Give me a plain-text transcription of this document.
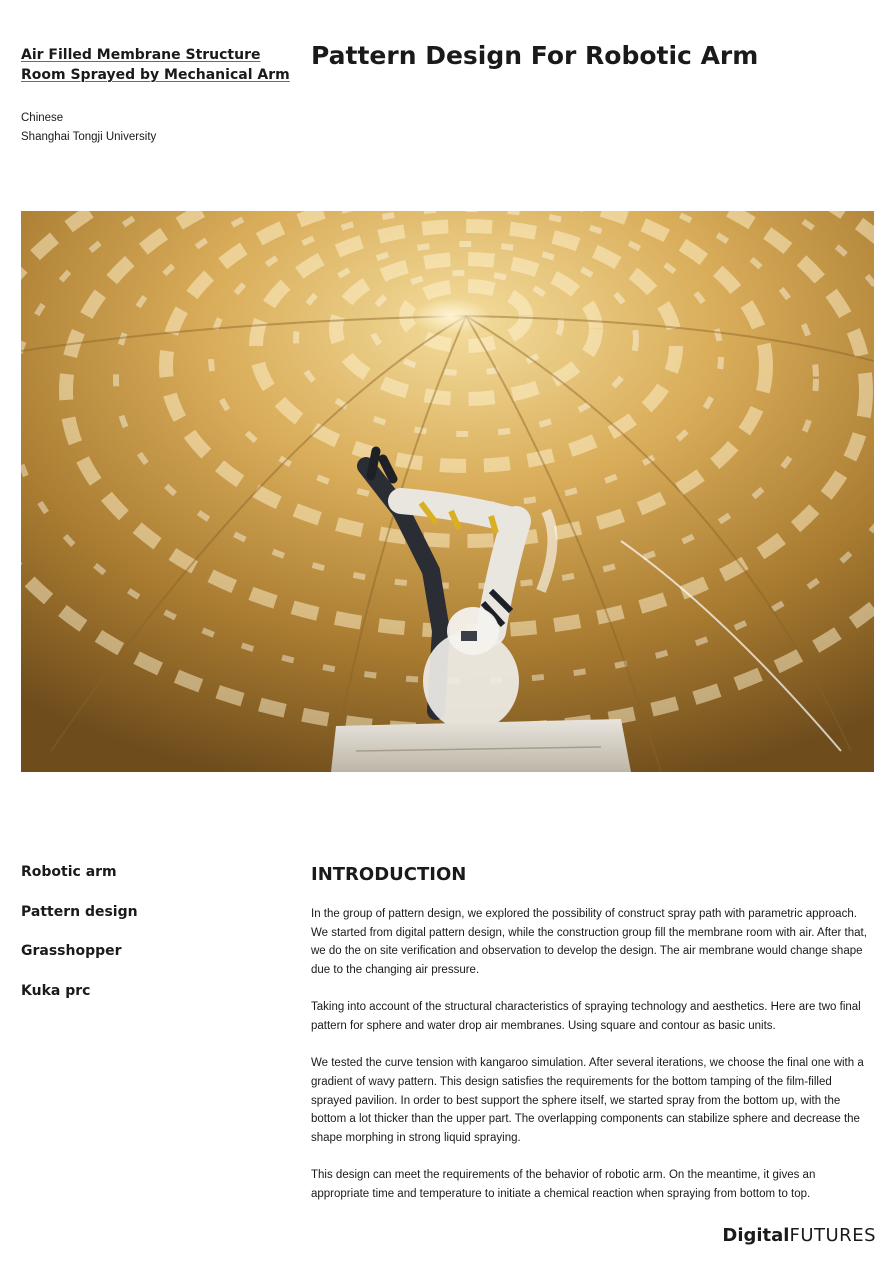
Air Filled Membrane Structure Room Sprayed by Mechanical Arm
Pattern Design For Robotic Arm
Chinese
Shanghai Tongji University
Robotic arm
Pattern design
Grasshopper
Kuka prc
INTRODUCTION

In the group of pattern design, we explored the possibility of construct spray path with parametric approach. We started from digital pattern design, while the construction group fill the membrane room with air. After that, we do the on site verification and observation to develop the design. The air membrane would change shape due to the changing air pressure.

Taking into account of the structural characteristics of spraying technology and aesthetics. Here are two final pattern for sphere and water drop air membranes. Using square and contour as basic units.

We tested the curve tension with kangaroo simulation. After several iterations, we choose the final one with a gradient of wavy pattern. This design satisfies the requirements for the bottom tamping of the film-filled sprayed pavilion. In order to best support the sphere itself, we started spray from the bottom up, with the bottom a lot thicker than the upper part. The overlapping components can stabilize sphere and decrease the shape morphing in strong liquid spraying.

This design can meet the requirements of the behavior of robotic arm. On the meantime, it gives an appropriate time and temperature to initiate a chemical reaction when spraying from bottom to top.

DigitalFUTURES
